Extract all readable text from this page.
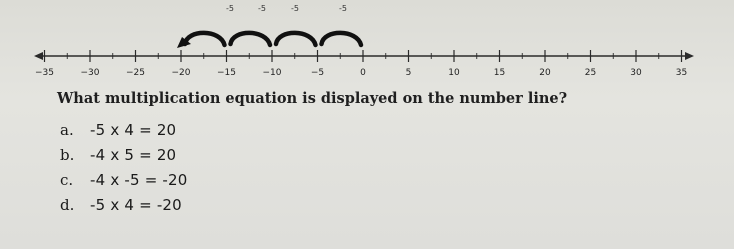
-5	-5	-5	-5
−35	−30	−25	−20	−15	−10	−5	0	5	10	15	20	25	30	35

What multiplication equation is displayed on the number line?

a. -5 x 4 = 20
b. -4 x 5 = 20
c. -4 x -5 = -20
d. -5 x 4 = -20
